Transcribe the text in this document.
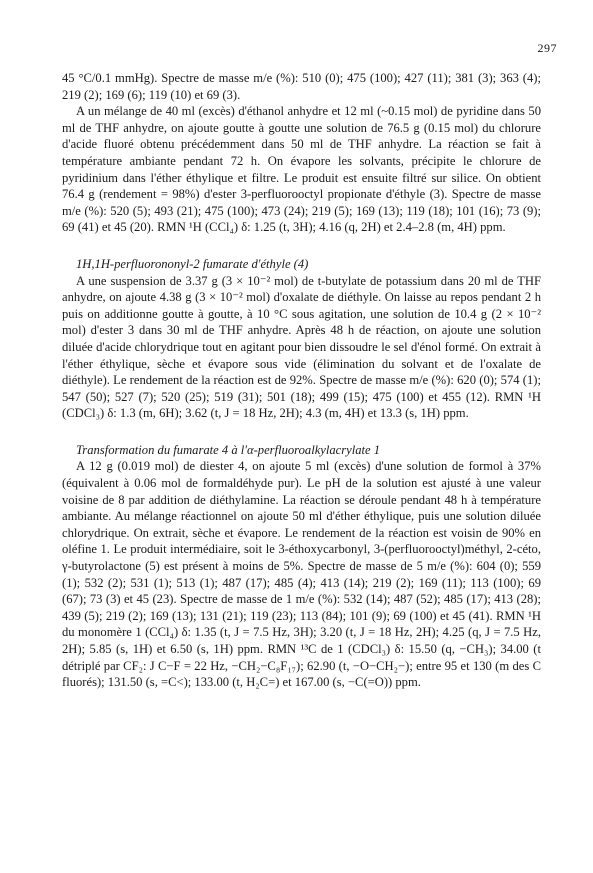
297

45 °C/0.1 mmHg). Spectre de masse m/e (%): 510 (0); 475 (100); 427 (11); 381 (3); 363 (4); 219 (2); 169 (6); 119 (10) et 69 (3).

A un mélange de 40 ml (excès) d'éthanol anhydre et 12 ml (~0.15 mol) de pyridine dans 50 ml de THF anhydre, on ajoute goutte à goutte une solution de 76.5 g (0.15 mol) du chlorure d'acide fluoré obtenu précédemment dans 50 ml de THF anhydre. La réaction se fait à température ambiante pendant 72 h. On évapore les solvants, précipite le chlorure de pyridinium dans l'éther éthylique et filtre. Le produit est ensuite filtré sur silice. On obtient 76.4 g (rendement = 98%) d'ester 3-perfluorooctyl propionate d'éthyle (3). Spectre de masse m/e (%): 520 (5); 493 (21); 475 (100); 473 (24); 219 (5); 169 (13); 119 (18); 101 (16); 73 (9); 69 (41) et 45 (20). RMN ¹H (CCl₄) δ: 1.25 (t, 3H); 4.16 (q, 2H) et 2.4–2.8 (m, 4H) ppm.

1H,1H-perfluorononyl-2 fumarate d'éthyle (4)

A une suspension de 3.37 g (3 × 10⁻² mol) de t-butylate de potassium dans 20 ml de THF anhydre, on ajoute 4.38 g (3 × 10⁻² mol) d'oxalate de diéthyle. On laisse au repos pendant 2 h puis on additionne goutte à goutte, à 10 °C sous agitation, une solution de 10.4 g (2 × 10⁻² mol) d'ester 3 dans 30 ml de THF anhydre. Après 48 h de réaction, on ajoute une solution diluée d'acide chlorydrique tout en agitant pour bien dissoudre le sel d'énol formé. On extrait à l'éther éthylique, sèche et évapore sous vide (élimination du solvant et de l'oxalate de diéthyle). Le rendement de la réaction est de 92%. Spectre de masse m/e (%): 620 (0); 574 (1); 547 (50); 527 (7); 520 (25); 519 (31); 501 (18); 499 (15); 475 (100) et 455 (12). RMN ¹H (CDCl₃) δ: 1.3 (m, 6H); 3.62 (t, J = 18 Hz, 2H); 4.3 (m, 4H) et 13.3 (s, 1H) ppm.

Transformation du fumarate 4 à l'α-perfluoroalkylacrylate 1

A 12 g (0.019 mol) de diester 4, on ajoute 5 ml (excès) d'une solution de formol à 37% (équivalent à 0.06 mol de formaldéhyde pur). Le pH de la solution est ajusté à une valeur voisine de 8 par addition de diéthylamine. La réaction se déroule pendant 48 h à température ambiante. Au mélange réactionnel on ajoute 50 ml d'éther éthylique, puis une solution diluée chlorydrique. On extrait, sèche et évapore. Le rendement de la réaction est voisin de 90% en oléfine 1. Le produit intermédiaire, soit le 3-éthoxycarbonyl, 3-(perfluorooctyl)méthyl, 2-céto, γ-butyrolactone (5) est présent à moins de 5%. Spectre de masse de 5 m/e (%): 604 (0); 559 (1); 532 (2); 531 (1); 513 (1); 487 (17); 485 (4); 413 (14); 219 (2); 169 (11); 113 (100); 69 (67); 73 (3) et 45 (23). Spectre de masse de 1 m/e (%): 532 (14); 487 (52); 485 (17); 413 (28); 439 (5); 219 (2); 169 (13); 131 (21); 119 (23); 113 (84); 101 (9); 69 (100) et 45 (41). RMN ¹H du monomère 1 (CCl₄) δ: 1.35 (t, J = 7.5 Hz, 3H); 3.20 (t, J = 18 Hz, 2H); 4.25 (q, J = 7.5 Hz, 2H); 5.85 (s, 1H) et 6.50 (s, 1H) ppm. RMN ¹³C de 1 (CDCl₃) δ: 15.50 (q, −CH₃); 34.00 (t détriplé par CF₂: J C−F = 22 Hz, −CH₂−C₈F₁₇); 62.90 (t, −O−CH₂−); entre 95 et 130 (m des C fluorés); 131.50 (s, =C<); 133.00 (t, H₂C=) et 167.00 (s, −C(=O)) ppm.
